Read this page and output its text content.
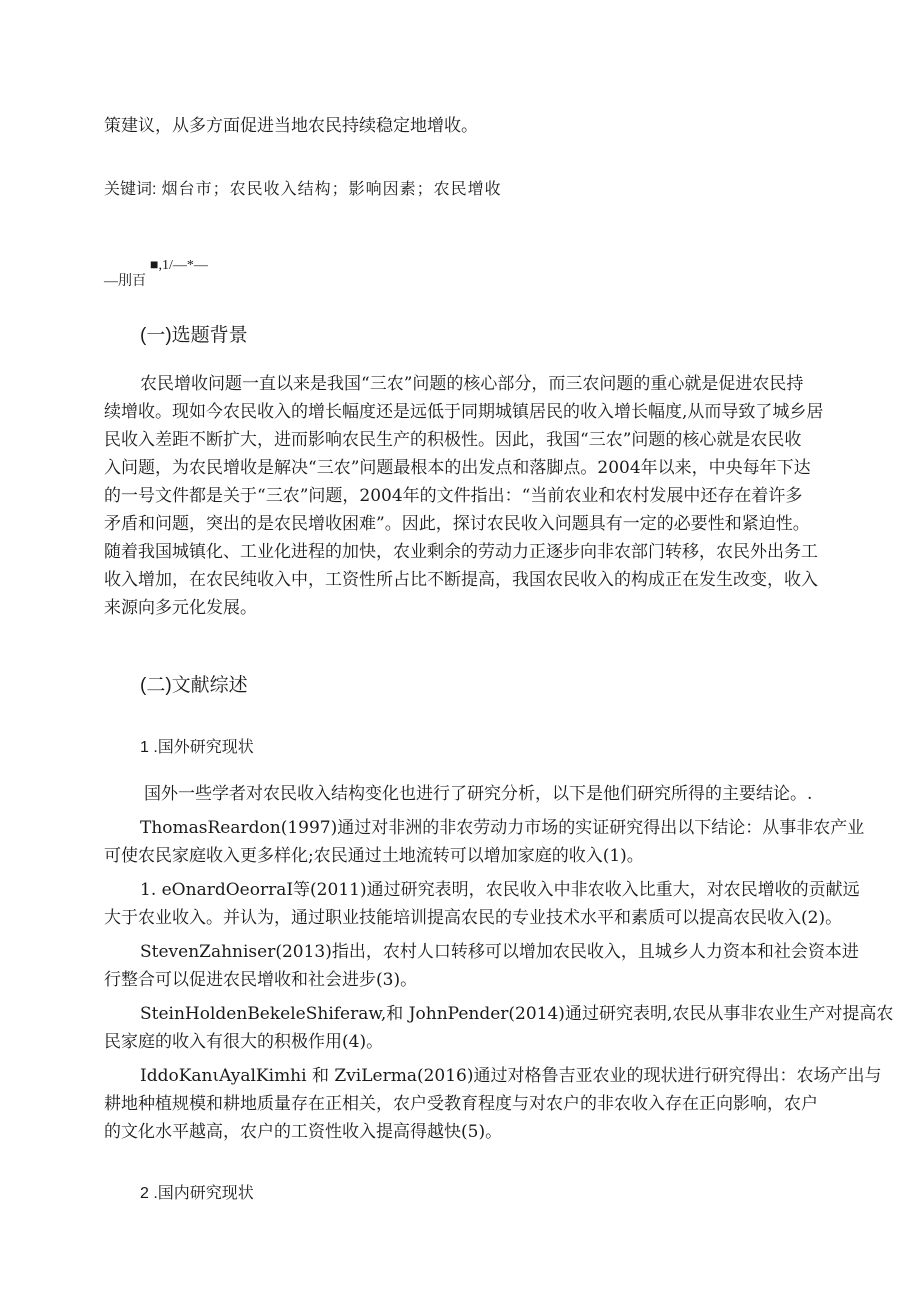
策建议，从多方面促进当地农民持续稳定地增收。
关键词: 烟台市；农民收入结构；影响因素；农民增收
■,1/—*—
—刖百
(一)选题背景
农民增收问题一直以来是我国“三农”问题的核心部分，而三农问题的重心就是促进农民持
续增收。现如今农民收入的增长幅度还是远低于同期城镇居民的收入增长幅度,从而导致了城乡居
民收入差距不断扩大，进而影响农民生产的积极性。因此，我国“三农”问题的核心就是农民收
入问题，为农民增收是解决“三农”问题最根本的出发点和落脚点。2004年以来，中央每年下达
的一号文件都是关于“三农”问题，2004年的文件指出：“当前农业和农村发展中还存在着许多
矛盾和问题，突出的是农民增收困难”。因此，探讨农民收入问题具有一定的必要性和紧迫性。
随着我国城镇化、工业化进程的加快，农业剩余的劳动力正逐步向非农部门转移，农民外出务工
收入增加，在农民纯收入中，工资性所占比不断提高，我国农民收入的构成正在发生改变，收入
来源向多元化发展。
(二)文献综述
1 .国外研究现状
国外一些学者对农民收入结构变化也进行了研究分析，以下是他们研究所得的主要结论。.
ThomasReardon(1997)通过对非洲的非农劳动力市场的实证研究得出以下结论：从事非农产业
可使农民家庭收入更多样化;农民通过土地流转可以增加家庭的收入(1)。
1. eOnardOeorraI等(2011)通过研究表明，农民收入中非农收入比重大，对农民增收的贡献远
大于农业收入。并认为，通过职业技能培训提高农民的专业技术水平和素质可以提高农民收入(2)。
StevenZahniser(2013)指出，农村人口转移可以增加农民收入，且城乡人力资本和社会资本进
行整合可以促进农民增收和社会进步(3)。
SteinHoldenBekeleShiferaw,和 JohnPender(2014)通过研究表明,农民从事非农业生产对提高农
民家庭的收入有很大的积极作用(4)。
IddoKanιAyalKimhi 和 ZviLerma(2016)通过对格鲁吉亚农业的现状进行研究得出：农场产出与
耕地种植规模和耕地质量存在正相关，农户受教育程度与对农户的非农收入存在正向影响，农户
的文化水平越高，农户的工资性收入提高得越快(5)。
2 .国内研究现状
